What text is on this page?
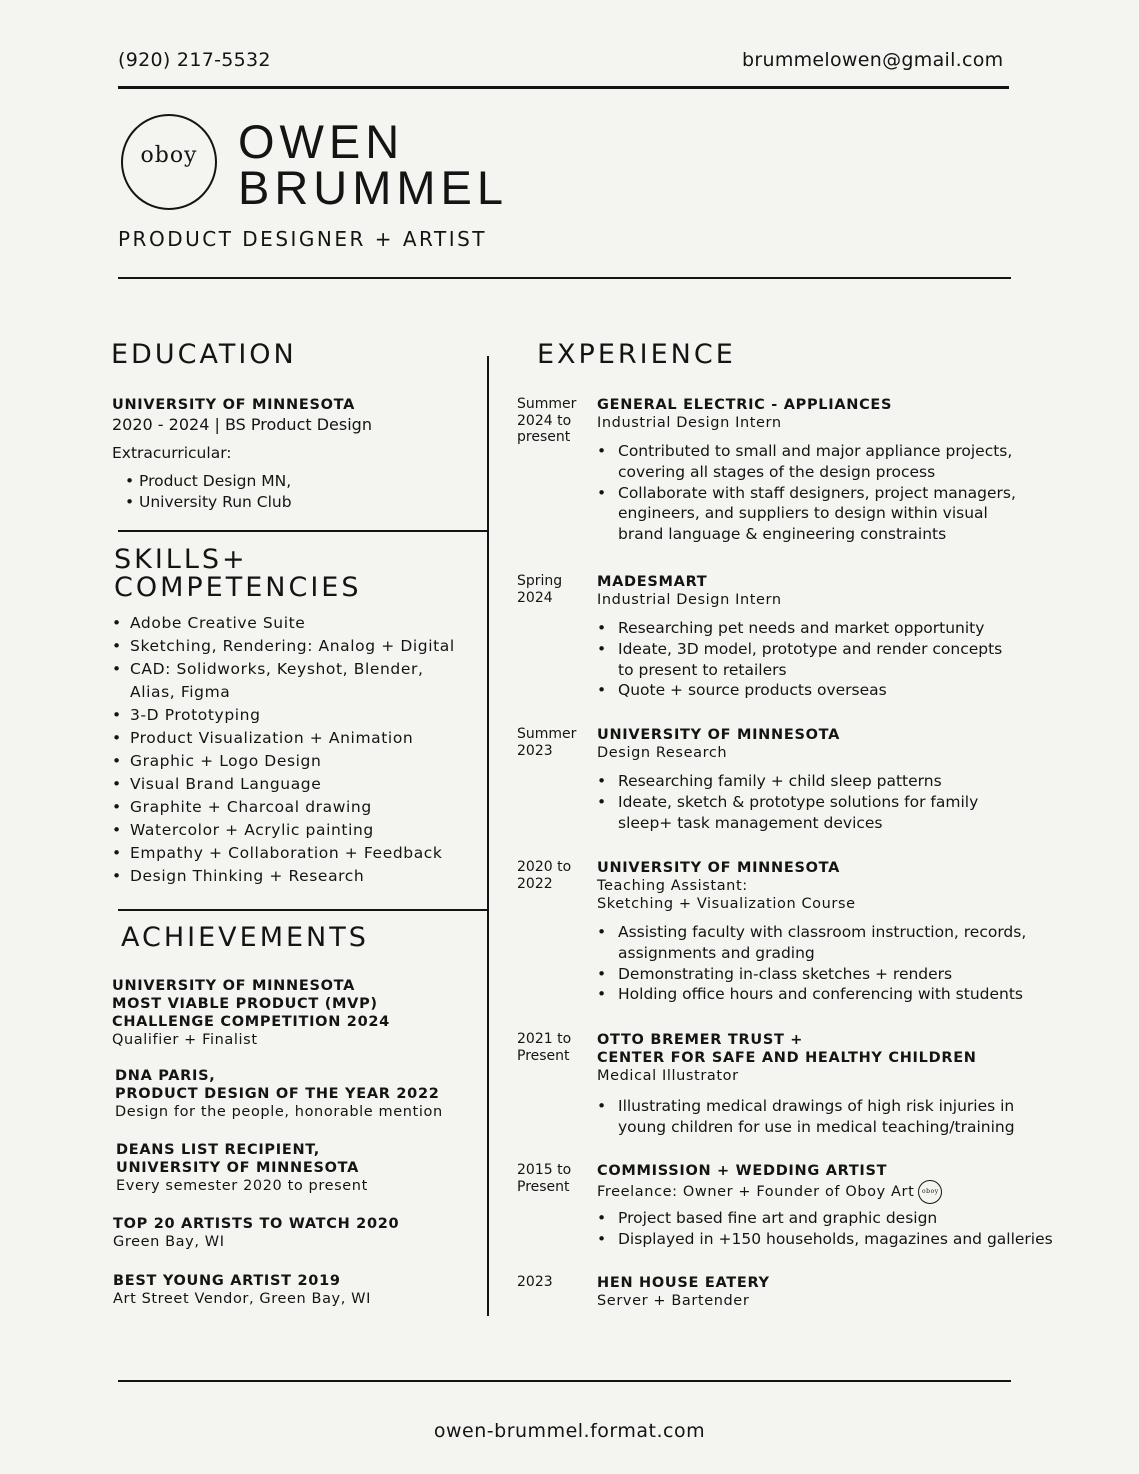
(920) 217-5532	brummelowen@gmail.com
oboy OWEN
BRUMMEL
PRODUCT DESIGNER + ARTIST
EDUCATION
UNIVERSITY OF MINNESOTA
2020 - 2024 | BS Product Design
Extracurricular:
• Product Design MN,
• University Run Club
SKILLS+
COMPETENCIES
• Adobe Creative Suite
• Sketching, Rendering: Analog + Digital
• CAD: Solidworks, Keyshot, Blender,
Alias, Figma
• 3-D Prototyping
• Product Visualization + Animation
• Graphic + Logo Design
• Visual Brand Language
• Graphite + Charcoal drawing
• Watercolor + Acrylic painting
• Empathy + Collaboration + Feedback
• Design Thinking + Research
ACHIEVEMENTS
UNIVERSITY OF MINNESOTA
MOST VIABLE PRODUCT (MVP)
CHALLENGE COMPETITION 2024
Qualifier + Finalist
DNA PARIS,
PRODUCT DESIGN OF THE YEAR 2022
Design for the people, honorable mention
DEANS LIST RECIPIENT,
UNIVERSITY OF MINNESOTA
Every semester 2020 to present
TOP 20 ARTISTS TO WATCH 2020
Green Bay, WI
BEST YOUNG ARTIST 2019
Art Street Vendor, Green Bay, WI
EXPERIENCE
Summer
2024 to
present
GENERAL ELECTRIC - APPLIANCES
Industrial Design Intern
• Contributed to small and major appliance projects,
covering all stages of the design process
• Collaborate with staff designers, project managers,
engineers, and suppliers to design within visual
brand language & engineering constraints
Spring
2024
MADESMART
Industrial Design Intern
• Researching pet needs and market opportunity
• Ideate, 3D model, prototype and render concepts
to present to retailers
• Quote + source products overseas
Summer
2023
UNIVERSITY OF MINNESOTA
Design Research
• Researching family + child sleep patterns
• Ideate, sketch & prototype solutions for family
sleep+ task management devices
2020 to
2022
UNIVERSITY OF MINNESOTA
Teaching Assistant:
Sketching + Visualization Course
• Assisting faculty with classroom instruction, records,
assignments and grading
• Demonstrating in-class sketches + renders
• Holding office hours and conferencing with students
2021 to
Present
OTTO BREMER TRUST +
CENTER FOR SAFE AND HEALTHY CHILDREN
Medical Illustrator
• Illustrating medical drawings of high risk injuries in
young children for use in medical teaching/training
2015 to
Present
COMMISSION + WEDDING ARTIST
Freelance: Owner + Founder of Oboy Art oboy
• Project based fine art and graphic design
• Displayed in +150 households, magazines and galleries
2023	HEN HOUSE EATERY
Server + Bartender
owen-brummel.format.com
